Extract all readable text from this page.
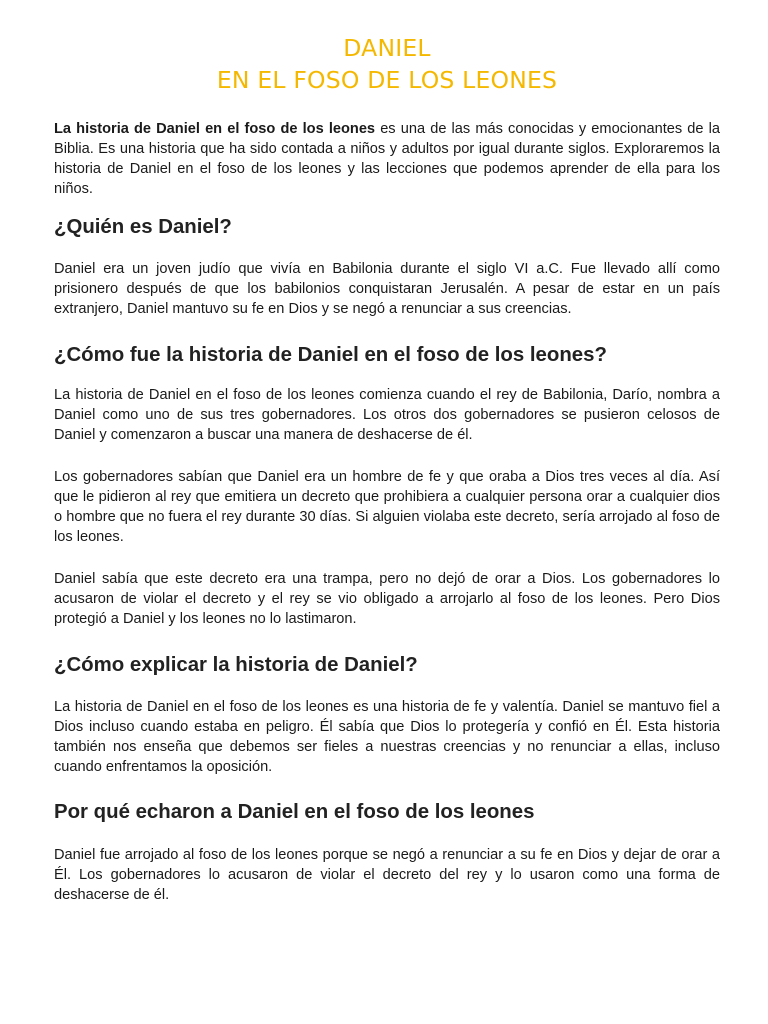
DANIEL
EN EL FOSO DE LOS LEONES

La historia de Daniel en el foso de los leones es una de las más conocidas y emocionantes de la Biblia. Es una historia que ha sido contada a niños y adultos por igual durante siglos. Exploraremos la historia de Daniel en el foso de los leones y las lecciones que podemos aprender de ella para los niños.

¿Quién es Daniel?

Daniel era un joven judío que vivía en Babilonia durante el siglo VI a.C. Fue llevado allí como prisionero después de que los babilonios conquistaran Jerusalén. A pesar de estar en un país extranjero, Daniel mantuvo su fe en Dios y se negó a renunciar a sus creencias.

¿Cómo fue la historia de Daniel en el foso de los leones?

La historia de Daniel en el foso de los leones comienza cuando el rey de Babilonia, Darío, nombra a Daniel como uno de sus tres gobernadores. Los otros dos gobernadores se pusieron celosos de Daniel y comenzaron a buscar una manera de deshacerse de él.

Los gobernadores sabían que Daniel era un hombre de fe y que oraba a Dios tres veces al día. Así que le pidieron al rey que emitiera un decreto que prohibiera a cualquier persona orar a cualquier dios o hombre que no fuera el rey durante 30 días. Si alguien violaba este decreto, sería arrojado al foso de los leones.

Daniel sabía que este decreto era una trampa, pero no dejó de orar a Dios. Los gobernadores lo acusaron de violar el decreto y el rey se vio obligado a arrojarlo al foso de los leones. Pero Dios protegió a Daniel y los leones no lo lastimaron.

¿Cómo explicar la historia de Daniel?

La historia de Daniel en el foso de los leones es una historia de fe y valentía. Daniel se mantuvo fiel a Dios incluso cuando estaba en peligro. Él sabía que Dios lo protegería y confió en Él. Esta historia también nos enseña que debemos ser fieles a nuestras creencias y no renunciar a ellas, incluso cuando enfrentamos la oposición.

Por qué echaron a Daniel en el foso de los leones

Daniel fue arrojado al foso de los leones porque se negó a renunciar a su fe en Dios y dejar de orar a Él. Los gobernadores lo acusaron de violar el decreto del rey y lo usaron como una forma de deshacerse de él.
